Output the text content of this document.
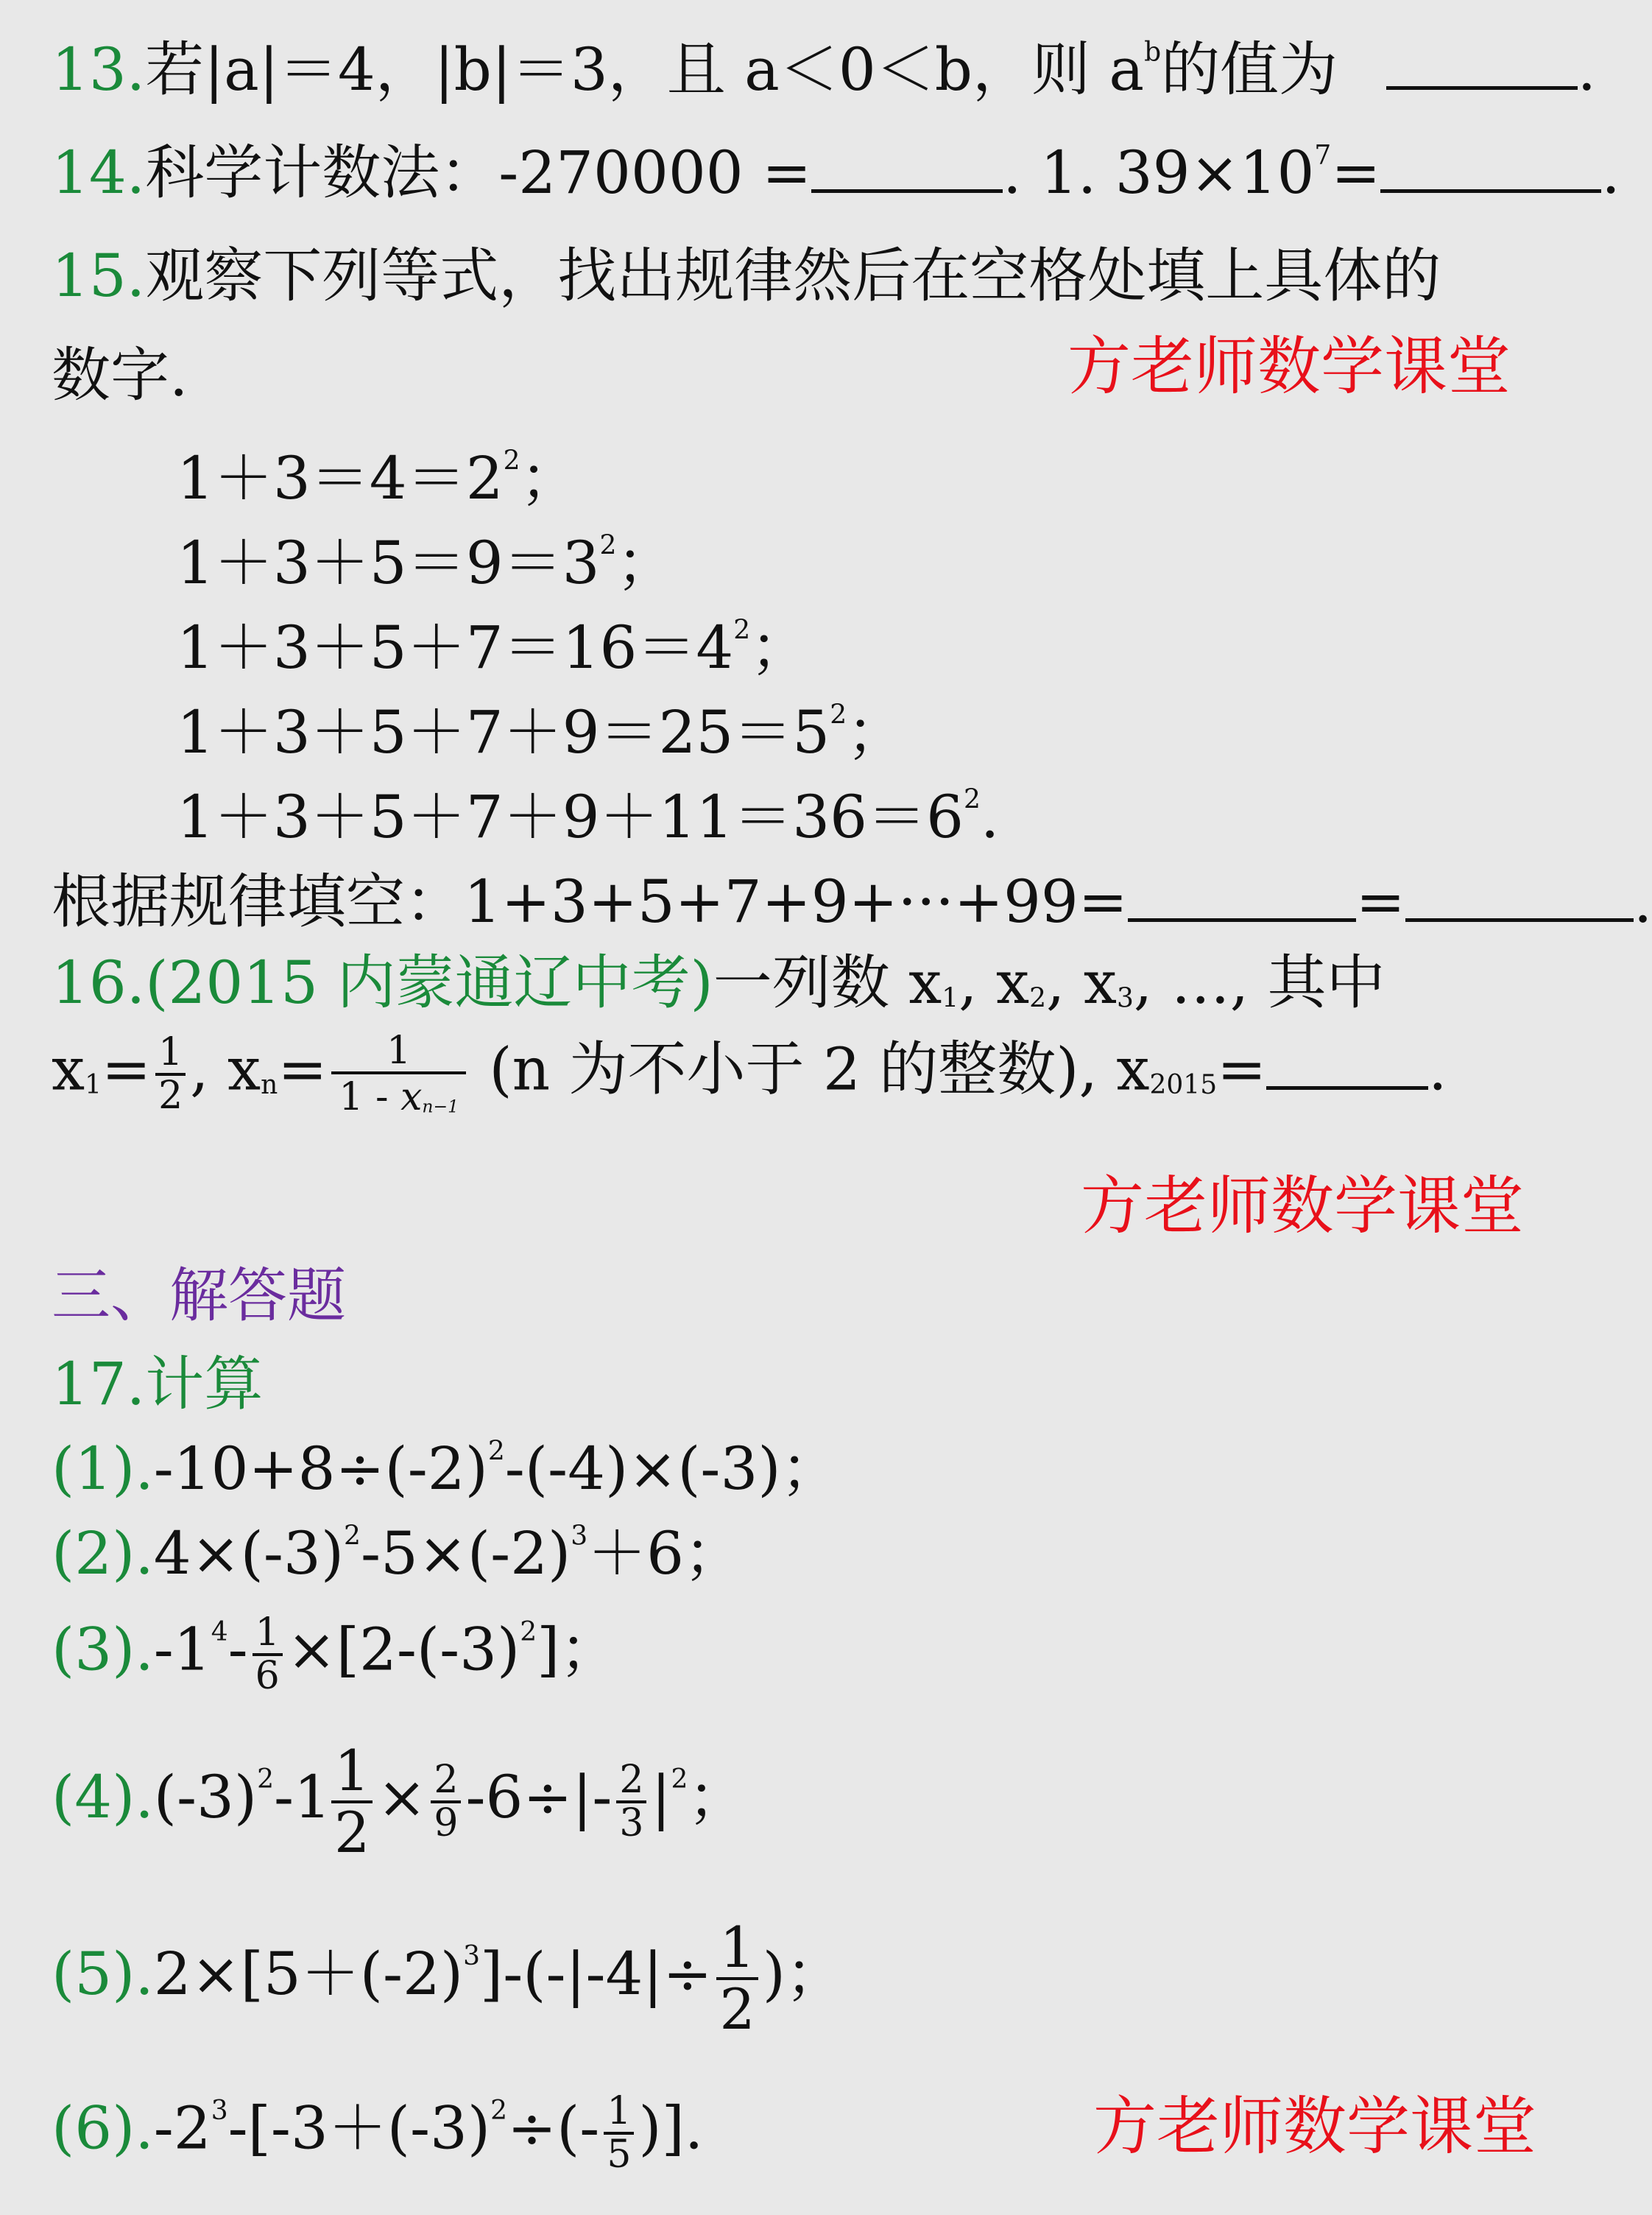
13.若|a|＝4，|b|＝3，且 a＜0＜b，则 $a^b$的值为	.
14.科学计数法：-270000 =	. 1. $39\times 10^7=$	.
15.观察下列等式，找出规律然后在空格处填上具体的
数字.	方老师数学课堂
$1+3=4=2^2$；
$1+3+5=9=3^2$；
$1+3+5+7=16=4^2$；
$1+3+5+7+9=25=5^2$；
$1+3+5+7+9+11=36=6^2$.
根据规律填空：1+3+5+7+9+···+99=	=	.
16.(2015 内蒙通辽中考)一列数 $x_1$, $x_2$, $x_3$, …, 其中
$x_1= \frac{1}{2}$ , $x_n= \frac{1}{1 - x_{n-1}} (n$ 为不小于 2 的整数), $x_{2015}=$	.
方老师数学课堂
三、解答题
17.计算
$(1).-10+8\div(-2)^2-(-4)\times(-3)$；
$(2).4\times(-3)^2-5\times(-2)^3+6$；
$(3).-1^4- \frac{1}{6} \times[2-(-3)^2]$；
$(4).(-3)^2-1 \frac{1}{2} \times \frac{2}{9} -6\div|- \frac{2}{3} |^2$；
$(5).2\times[5+(-2)^3]-(-|-4|\div \frac{1}{2}$ )；
$(6).-2^3-[-3+(-3)^2\div(- \frac{1}{5}$ )].	方老师数学课堂
